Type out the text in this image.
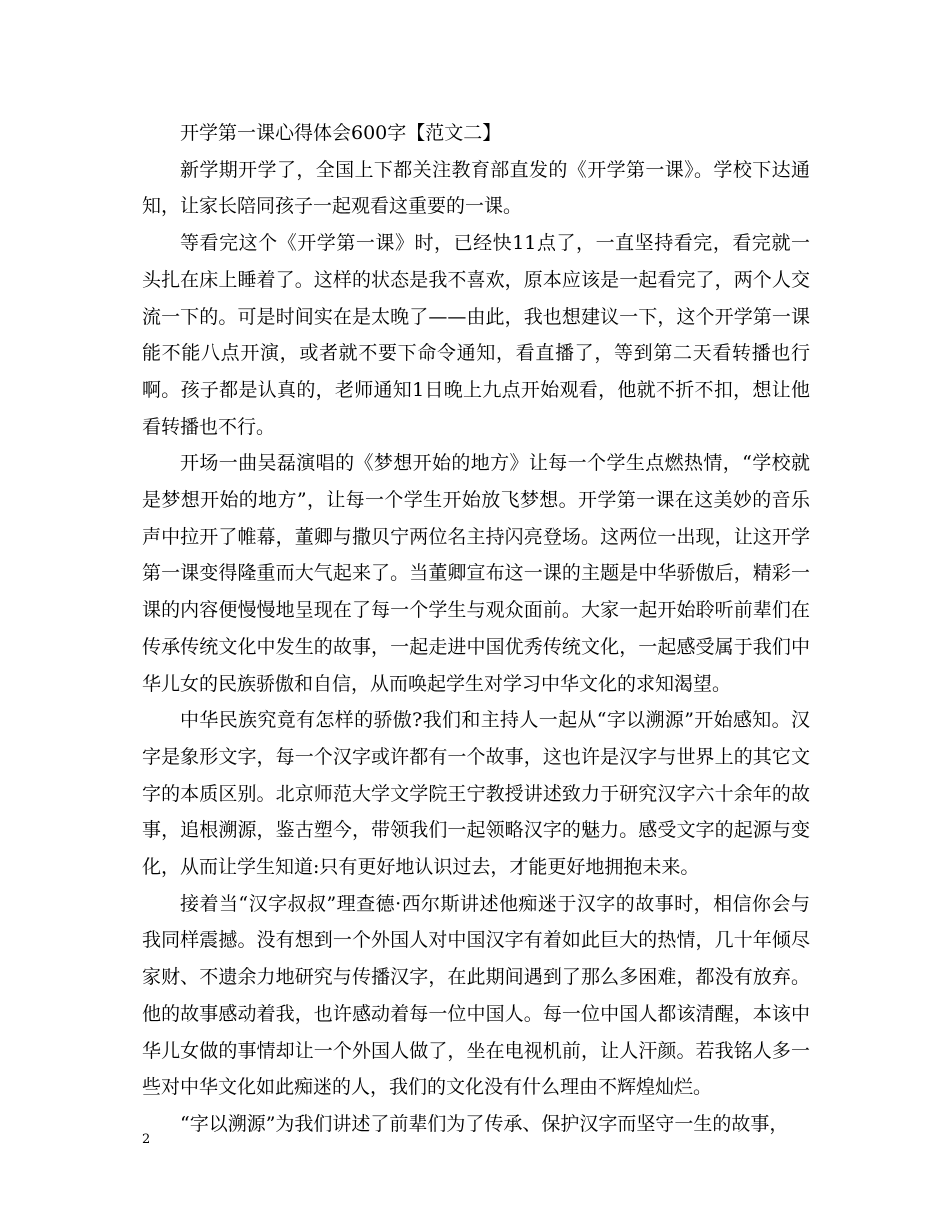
开学第一课心得体会600字【范文二】

新学期开学了，全国上下都关注教育部直发的《开学第一课》。学校下达通知，让家长陪同孩子一起观看这重要的一课。

等看完这个《开学第一课》时，已经快11点了，一直坚持看完，看完就一头扎在床上睡着了。这样的状态是我不喜欢，原本应该是一起看完了，两个人交流一下的。可是时间实在是太晚了——由此，我也想建议一下，这个开学第一课能不能八点开演，或者就不要下命令通知，看直播了，等到第二天看转播也行啊。孩子都是认真的，老师通知1日晚上九点开始观看，他就不折不扣，想让他看转播也不行。

开场一曲吴磊演唱的《梦想开始的地方》让每一个学生点燃热情，“学校就是梦想开始的地方”，让每一个学生开始放飞梦想。开学第一课在这美妙的音乐声中拉开了帷幕，董卿与撒贝宁两位名主持闪亮登场。这两位一出现，让这开学第一课变得隆重而大气起来了。当董卿宣布这一课的主题是中华骄傲后，精彩一课的内容便慢慢地呈现在了每一个学生与观众面前。大家一起开始聆听前辈们在传承传统文化中发生的故事，一起走进中国优秀传统文化，一起感受属于我们中华儿女的民族骄傲和自信，从而唤起学生对学习中华文化的求知渴望。

中华民族究竟有怎样的骄傲?我们和主持人一起从“字以溯源”开始感知。汉字是象形文字，每一个汉字或许都有一个故事，这也许是汉字与世界上的其它文字的本质区别。北京师范大学文学院王宁教授讲述致力于研究汉字六十余年的故事，追根溯源，鉴古塑今，带领我们一起领略汉字的魅力。感受文字的起源与变化，从而让学生知道:只有更好地认识过去，才能更好地拥抱未来。

接着当“汉字叔叔”理查德·西尔斯讲述他痴迷于汉字的故事时，相信你会与我同样震撼。没有想到一个外国人对中国汉字有着如此巨大的热情，几十年倾尽家财、不遗余力地研究与传播汉字，在此期间遇到了那么多困难，都没有放弃。他的故事感动着我，也许感动着每一位中国人。每一位中国人都该清醒，本该中华儿女做的事情却让一个外国人做了，坐在电视机前，让人汗颜。若我铭人多一些对中华文化如此痴迷的人，我们的文化没有什么理由不辉煌灿烂。

“字以溯源”为我们讲述了前辈们为了传承、保护汉字而坚守一生的故事，

2
